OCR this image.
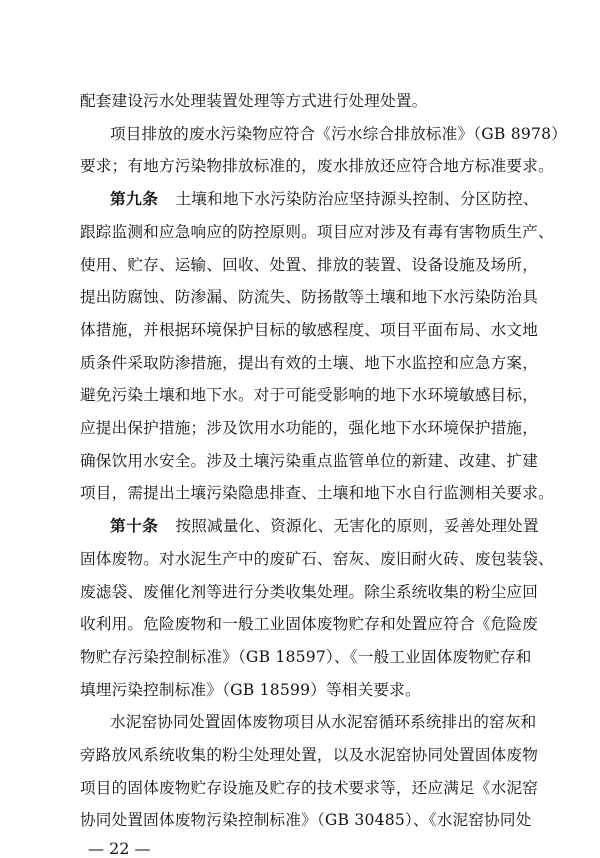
配套建设污水处理装置处理等方式进行处理处置。
项目排放的废水污染物应符合《污水综合排放标准》（GB 8978）
要求；有地方污染物排放标准的，废水排放还应符合地方标准要求。
第九条 土壤和地下水污染防治应坚持源头控制、分区防控、
跟踪监测和应急响应的防控原则。项目应对涉及有毒有害物质生产、
使用、贮存、运输、回收、处置、排放的装置、设备设施及场所，
提出防腐蚀、防渗漏、防流失、防扬散等土壤和地下水污染防治具
体措施，并根据环境保护目标的敏感程度、项目平面布局、水文地
质条件采取防渗措施，提出有效的土壤、地下水监控和应急方案，
避免污染土壤和地下水。对于可能受影响的地下水环境敏感目标，
应提出保护措施；涉及饮用水功能的，强化地下水环境保护措施，
确保饮用水安全。涉及土壤污染重点监管单位的新建、改建、扩建
项目，需提出土壤污染隐患排查、土壤和地下水自行监测相关要求。
第十条 按照减量化、资源化、无害化的原则，妥善处理处置
固体废物。对水泥生产中的废矿石、窑灰、废旧耐火砖、废包装袋、
废滤袋、废催化剂等进行分类收集处理。除尘系统收集的粉尘应回
收利用。危险废物和一般工业固体废物贮存和处置应符合《危险废
物贮存污染控制标准》（GB 18597）、《一般工业固体废物贮存和
填埋污染控制标准》（GB 18599）等相关要求。
水泥窑协同处置固体废物项目从水泥窑循环系统排出的窑灰和
旁路放风系统收集的粉尘处理处置，以及水泥窑协同处置固体废物
项目的固体废物贮存设施及贮存的技术要求等，还应满足《水泥窑
协同处置固体废物污染控制标准》（GB 30485）、《水泥窑协同处
— 22 —
